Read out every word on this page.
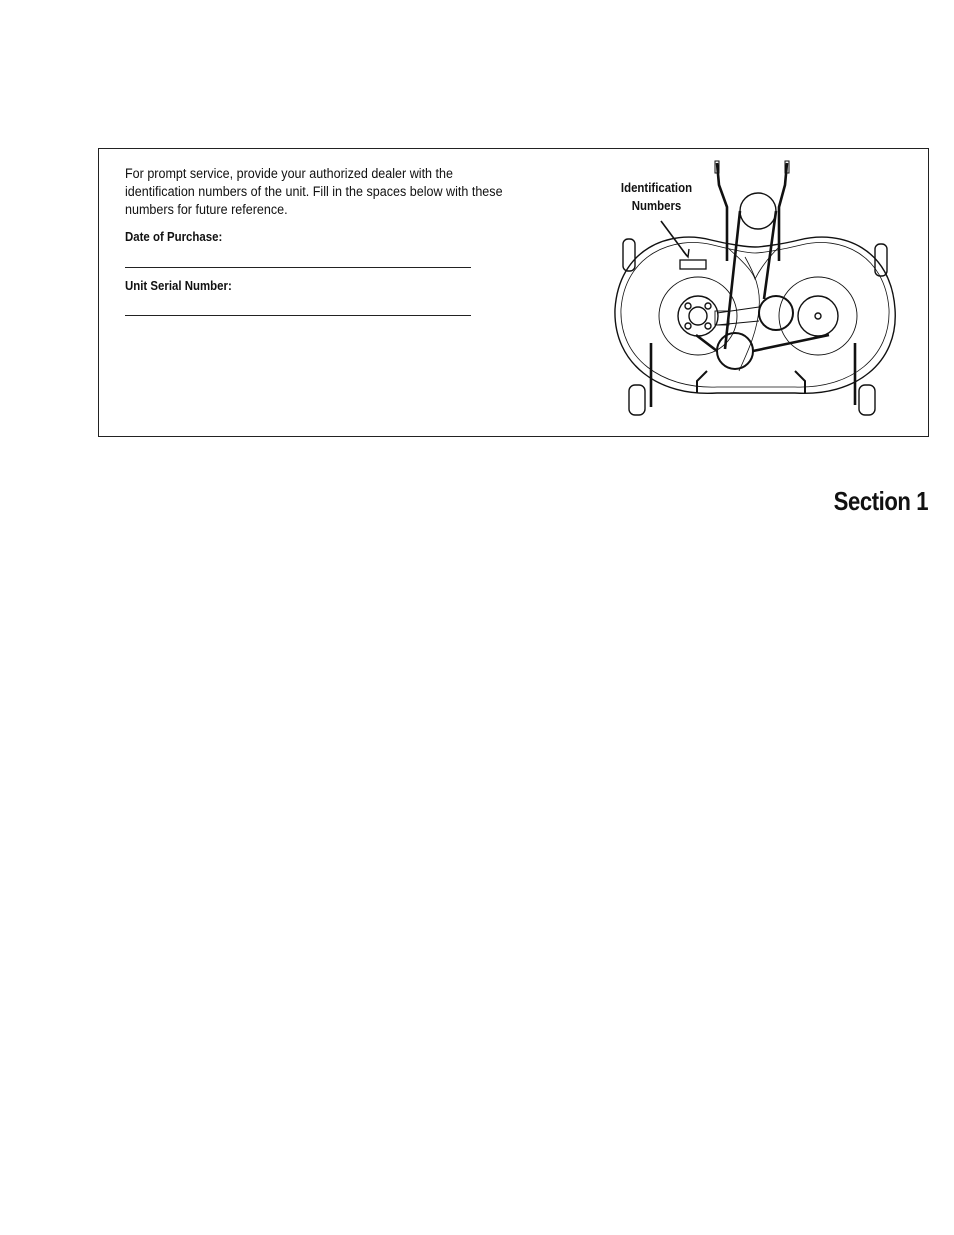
For prompt service, provide your authorized dealer with the identification numbers of the unit. Fill in the spaces below with these numbers for future reference.

Date of Purchase:
Unit Serial Number:
Identification
Numbers
Section 1
